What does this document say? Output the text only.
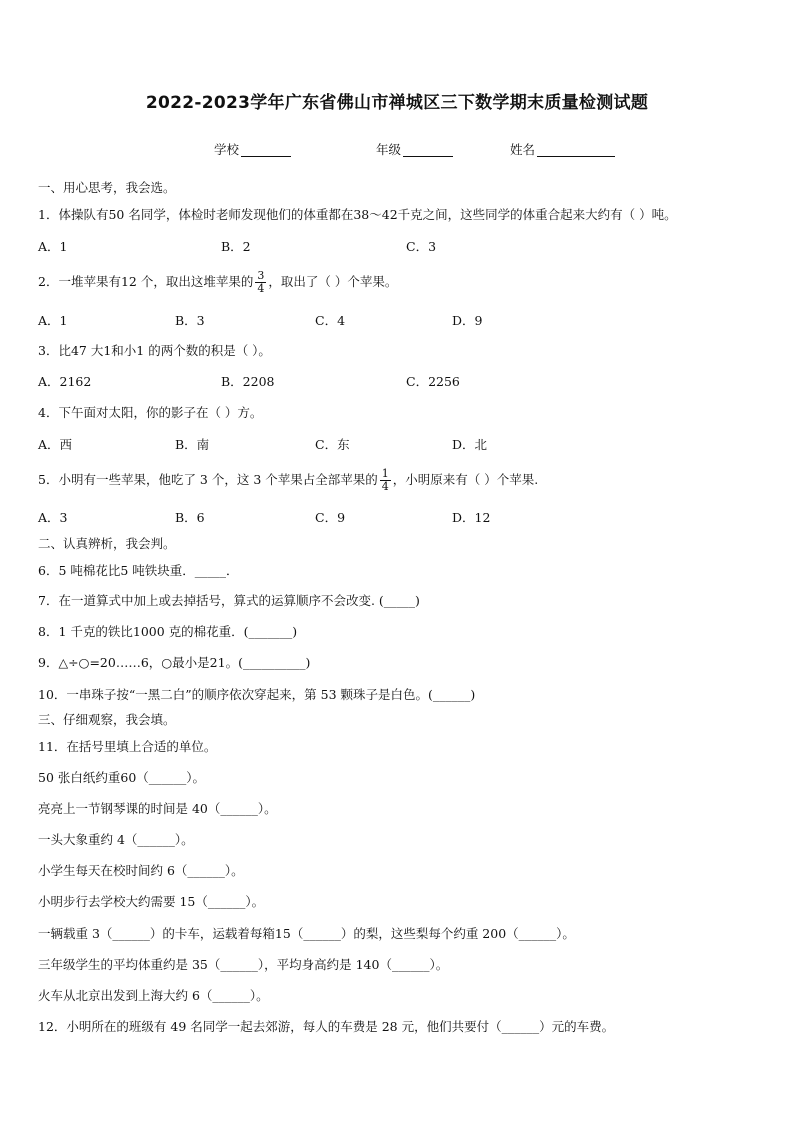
2022-2023学年广东省佛山市禅城区三下数学期末质量检测试题
学校	年级	姓名
一、用心思考，我会选。
1．体操队有50 名同学，体检时老师发现他们的体重都在38～42千克之间，这些同学的体重合起来大约有（ ）吨。
A．1	B．2	C．3
2．一堆苹果有12 个，取出这堆苹果的 $\frac{3}{4}$ ，取出了（ ）个苹果。
A．1	B．3	C．4	D．9
3．比47 大1和小1 的两个数的积是（ ）。
A．2162	B．2208	C．2256
4．下午面对太阳，你的影子在（ ）方。
A．西	B．南	C．东	D．北
5．小明有一些苹果，他吃了 3 个，这 3 个苹果占全部苹果的 $\frac{1}{4}$ ，小明原来有（ ）个苹果.
A．3	B．6	C．9	D．12
二、认真辨析，我会判。
6．5 吨棉花比5 吨铁块重．_____．
7．在一道算式中加上或去掉括号，算式的运算顺序不会改变. (_____)
8．1 千克的铁比1000 克的棉花重．(_______)
9．△÷○=20……6，○最小是21。(__________)
10．一串珠子按“一黑二白”的顺序依次穿起来，第 53 颗珠子是白色。(______)
三、仔细观察，我会填。
11．在括号里填上合适的单位。
50 张白纸约重60（______）。
亮亮上一节钢琴课的时间是 40（______）。
一头大象重约 4（______）。
小学生每天在校时间约 6（______）。
小明步行去学校大约需要 15（______）。
一辆载重 3（______）的卡车，运载着每箱15（______）的梨，这些梨每个约重 200（______）。
三年级学生的平均体重约是 35（______），平均身高约是 140（______）。
火车从北京出发到上海大约 6（______）。
12．小明所在的班级有 49 名同学一起去郊游，每人的车费是 28 元，他们共要付（______）元的车费。
